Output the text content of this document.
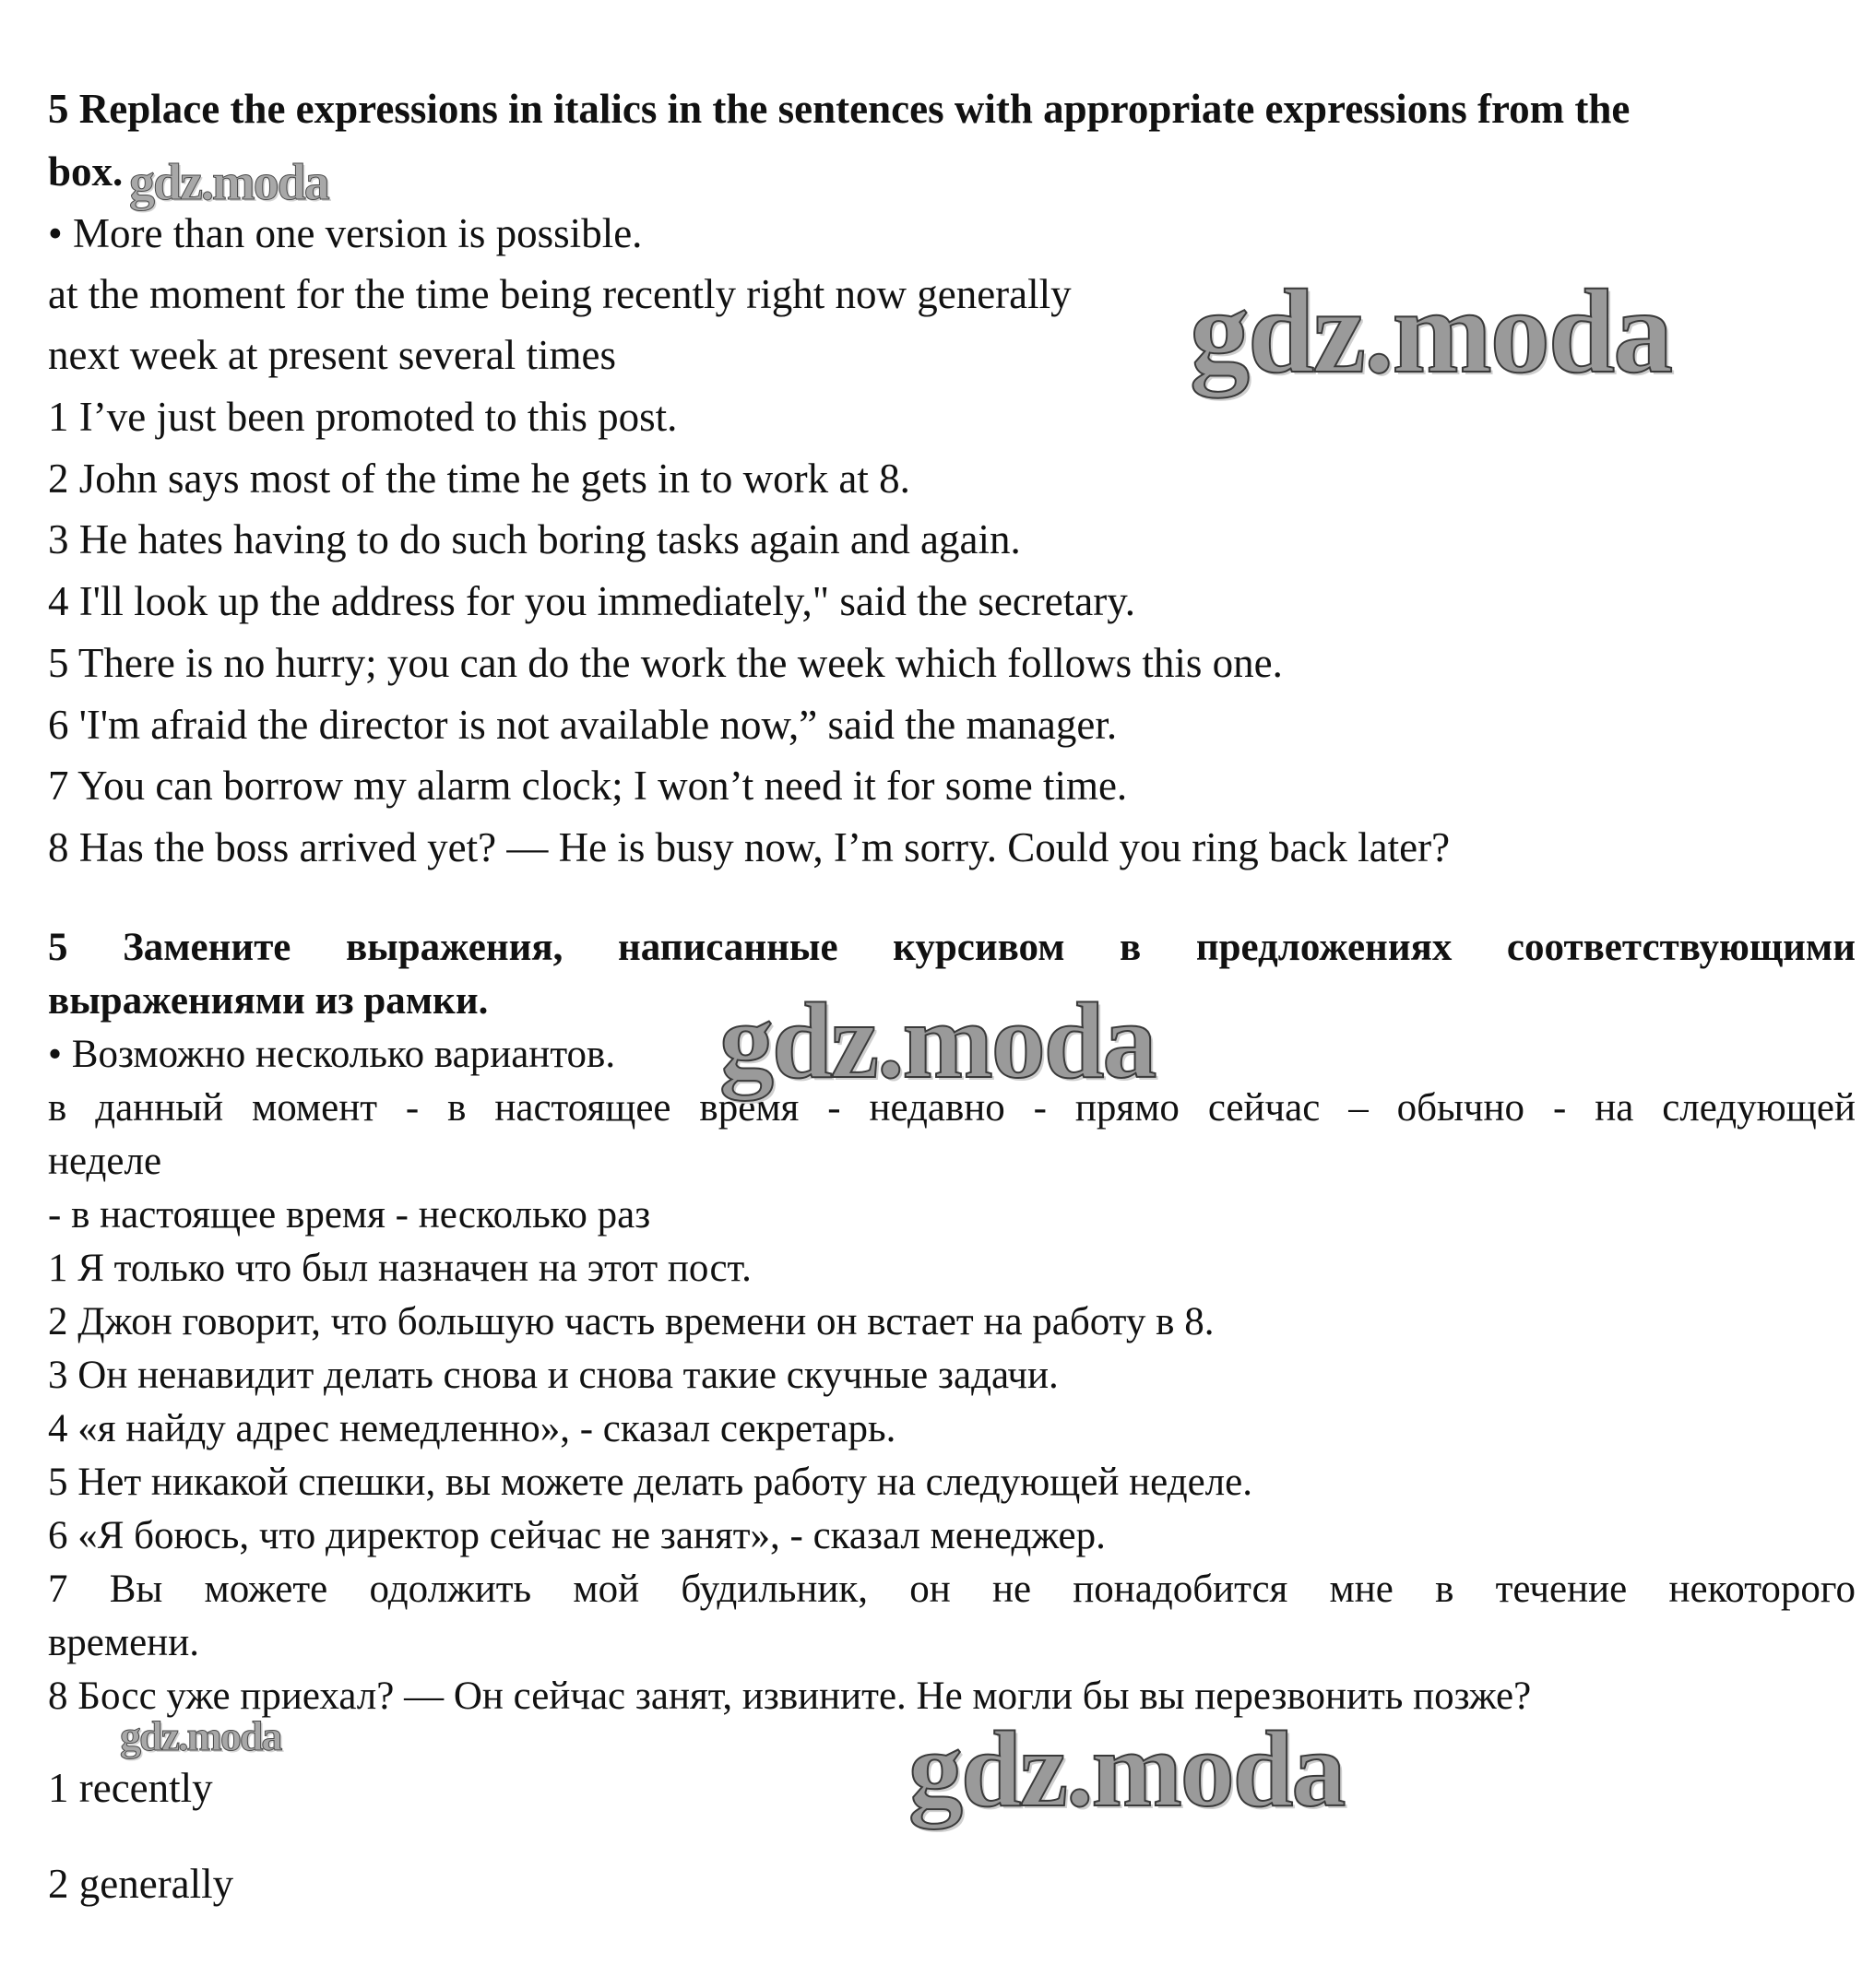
5 Replace the expressions in italics in the sentences with appropriate expressions from the
box.
• More than one version is possible.
at the moment for the time being recently right now generally
next week at present several times
1 I’ve just been promoted to this post.
2 John says most of the time he gets in to work at 8.
3 He hates having to do such boring tasks again and again.
4 I'll look up the address for you immediately," said the secretary.
5 There is no hurry; you can do the work the week which follows this one.
6 'I'm afraid the director is not available now,” said the manager.
7 You can borrow my alarm clock; I won’t need it for some time.
8 Has the boss arrived yet? — He is busy now, I’m sorry. Could you ring back later?
5 Замените выражения, написанные курсивом в предложениях соответствующими
выражениями из рамки.
• Возможно несколько вариантов.
в данный момент - в настоящее время - недавно - прямо сейчас – обычно - на следующей
неделе
- в настоящее время - несколько раз
1 Я только что был назначен на этот пост.
2 Джон говорит, что большую часть времени он встает на работу в 8.
3 Он ненавидит делать снова и снова такие скучные задачи.
4 «я найду адрес немедленно», - сказал секретарь.
5 Нет никакой спешки, вы можете делать работу на следующей неделе.
6 «Я боюсь, что директор сейчас не занят», - сказал менеджер.
7 Вы можете одолжить мой будильник, он не понадобится мне в течение некоторого
времени.
8 Босс уже приехал? — Он сейчас занят, извините. Не могли бы вы перезвонить позже?
1 recently
2 generally
gdz.moda
gdz.moda
gdz.moda
gdz.moda	gdz.moda
